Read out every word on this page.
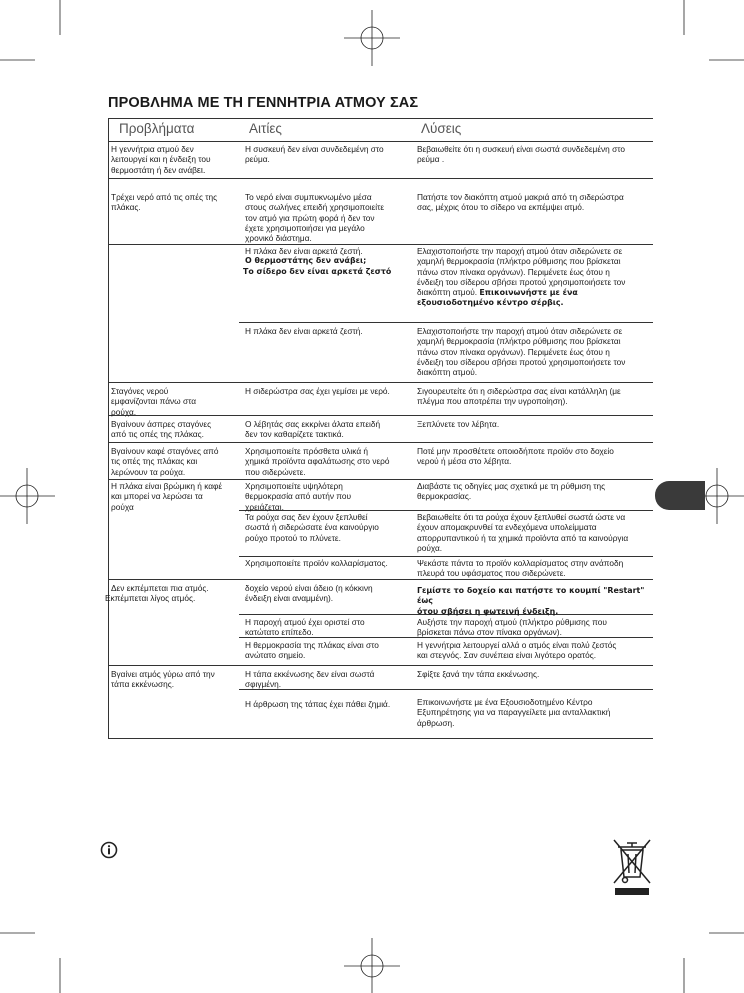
ΠΡΟΒΛΗΜΑ ΜΕ ΤΗ ΓΕΝΝΗΤΡΙΑ ΑΤΜΟΥ ΣΑΣ
Προβλήματα	Αιτίες	Λύσεις
Η γεννήτρια ατμού δεν
λειτουργεί και η ένδειξη του
θερμοστάτη ή δεν ανάβει.
Τρέχει νερό από τις οπές της
πλάκας.
Σταγόνες νερού
εμφανίζονται πάνω στα
ρούχα.
Βγαίνουν άσπρες σταγόνες
από τις οπές της πλάκας.
Βγαίνουν καφέ σταγόνες από
τις οπές της πλάκας και
λερώνουν τα ρούχα.
Η πλάκα είναι βρώμικη ή καφέ
και μπορεί να λερώσει τα
ρούχα
Δεν εκπέμπεται πια ατμός.
Εκπέμπεται λίγος ατμός.
Βγαίνει ατμός γύρω από την
τάπα εκκένωσης.
Η συσκευή δεν είναι συνδεδεμένη στο
ρεύμα.
Το νερό είναι συμπυκνωμένο μέσα
στους σωλήνες επειδή χρησιμοποιείτε
τον ατμό για πρώτη φορά ή δεν τον
έχετε χρησιμοποιήσει για μεγάλο
χρονικό διάστημα.
Η πλάκα δεν είναι αρκετά ζεστή.
Ο θερμοστάτης δεν ανάβει;
Το σίδερο δεν είναι αρκετά ζεστό
Η πλάκα δεν είναι αρκετά ζεστή.
Η σιδερώστρα σας έχει γεμίσει με νερό.
Ο λέβητάς σας εκκρίνει άλατα επειδή
δεν τον καθαρίζετε τακτικά.
Χρησιμοποιείτε πρόσθετα υλικά ή
χημικά προϊόντα αφαλάτωσης στο νερό
που σιδερώνετε.
Χρησιμοποιείτε υψηλότερη
θερμοκρασία από αυτήν που
χρειάζεται.
Τα ρούχα σας δεν έχουν ξεπλυθεί
σωστά ή σιδερώσατε ένα καινούργιο
ρούχο προτού το πλύνετε.
Χρησιμοποιείτε προϊόν κολλαρίσματος.
δοχείο νερού είναι άδειο (η κόκκινη
ένδειξη είναι αναμμένη).
Η παροχή ατμού έχει οριστεί στο
κατώτατο επίπεδο.
Η θερμοκρασία της πλάκας είναι στο
ανώτατο σημείο.
Η τάπα εκκένωσης δεν είναι σωστά
σφιγμένη.
Η άρθρωση της τάπας έχει πάθει ζημιά.
Βεβαιωθείτε ότι η συσκευή είναι σωστά συνδεδεμένη στο
ρεύμα .
Πατήστε τον διακόπτη ατμού μακριά από τη σιδερώστρα
σας, μέχρις ότου το σίδερο να εκπέμψει ατμό.
Ελαχιστοποιήστε την παροχή ατμού όταν σιδερώνετε σε
χαμηλή θερμοκρασία (πλήκτρο ρύθμισης που βρίσκεται
πάνω στον πίνακα οργάνων). Περιμένετε έως ότου η
ένδειξη του σίδερου σβήσει προτού χρησιμοποιήσετε τον
διακόπτη ατμού. Επικοινωνήστε με ένα
εξουσιοδοτημένο κέντρο σέρβις.
Ελαχιστοποιήστε την παροχή ατμού όταν σιδερώνετε σε
χαμηλή θερμοκρασία (πλήκτρο ρύθμισης που βρίσκεται
πάνω στον πίνακα οργάνων). Περιμένετε έως ότου η
ένδειξη του σίδερου σβήσει προτού χρησιμοποιήσετε τον
διακόπτη ατμού.
Σιγουρευτείτε ότι η σιδερώστρα σας είναι κατάλληλη (με
πλέγμα που αποτρέπει την υγροποίηση).
Ξεπλύνετε τον λέβητα.
Ποτέ μην προσθέτετε οποιοδήποτε προϊόν στο δοχείο
νερού ή μέσα στο λέβητα.
Διαβάστε τις οδηγίες μας σχετικά με τη ρύθμιση της
θερμοκρασίας.
Βεβαιωθείτε ότι τα ρούχα έχουν ξεπλυθεί σωστά ώστε να
έχουν απομακρυνθεί τα ενδεχόμενα υπολείμματα
απορρυπαντικού ή τα χημικά προϊόντα από τα καινούργια
ρούχα.
Ψεκάστε πάντα το προϊόν κολλαρίσματος στην ανάποδη
πλευρά του υφάσματος που σιδερώνετε.
Γεμίστε το δοχείο και πατήστε το κουμπί "Restart" έως
ότου σβήσει η φωτεινή ένδειξη.
Αυξήστε την παροχή ατμού (πλήκτρο ρύθμισης που
βρίσκεται πάνω στον πίνακα οργάνων).
Η γεννήτρια λειτουργεί αλλά ο ατμός είναι πολύ ζεστός
και στεγνός. Σαν συνέπεια είναι λιγότερο ορατός.
Σφίξτε ξανά την τάπα εκκένωσης.
Επικοινωνήστε με ένα Εξουσιοδοτημένο Κέντρο
Εξυπηρέτησης για να παραγγείλετε μια ανταλλακτική
άρθρωση.
